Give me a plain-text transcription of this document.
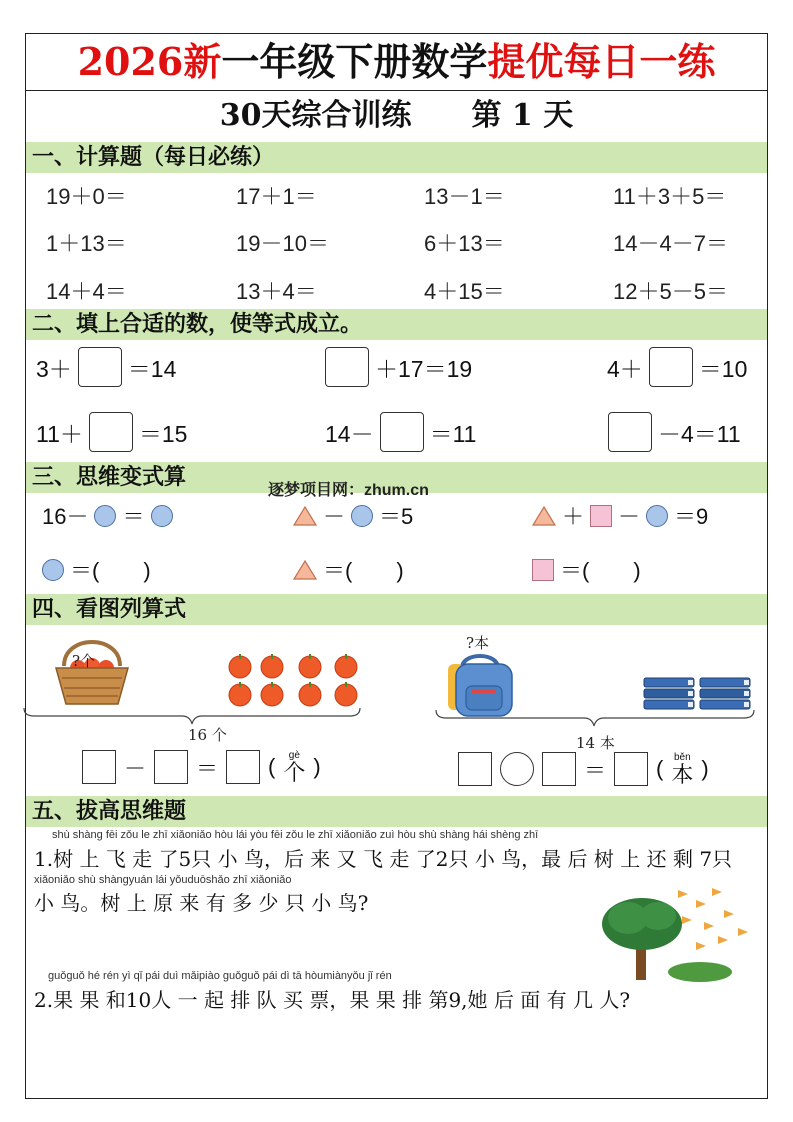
2026新一年级下册数学提优每日一练
30天综合训练 第 1 天
一、计算题（每日必练）
19＋0＝	17＋1＝	13－1＝	11＋3＋5＝
1＋13＝	19－10＝	6＋13＝	14－4－7＝
14＋4＝	13＋4＝	4＋15＝	12＋5－5＝
二、填上合适的数，使等式成立。
3＋ ＝14	＋17＝19	4＋ ＝10
11＋ ＝15	14－ ＝11	－4＝11
三、思维变式算
逐梦项目网：zhum.cn
16－ ＝	－ ＝5	＋ － ＝9
＝(　　)	＝(　　)	＝(　　)
四、看图列算式
?个
16 个
－ ＝ ( gè
个 )
?本
14 本
＝ ( běn
本 )
五、拔高思维题
shù shàng fēi zǒu le zhī xiǎoniǎo hòu lái yòu fēi zǒu le zhī xiǎoniǎo zuì hòu shù shàng hái shèng zhī
1.树 上 飞 走 了5只 小 鸟，后 来 又 飞 走 了2只 小 鸟，最 后 树 上 还 剩 7只
xiǎoniǎo shù shàngyuán lái yǒuduōshǎo zhī xiǎoniǎo
小 鸟。树 上 原 来 有 多 少 只 小 鸟?
guǒguǒ hé rén yì qǐ pái duì mǎipiào guǒguǒ pái dì tā hòumiànyǒu jǐ rén
2.果 果 和10人 一 起 排 队 买 票，果 果 排 第9,她 后 面 有 几 人?
